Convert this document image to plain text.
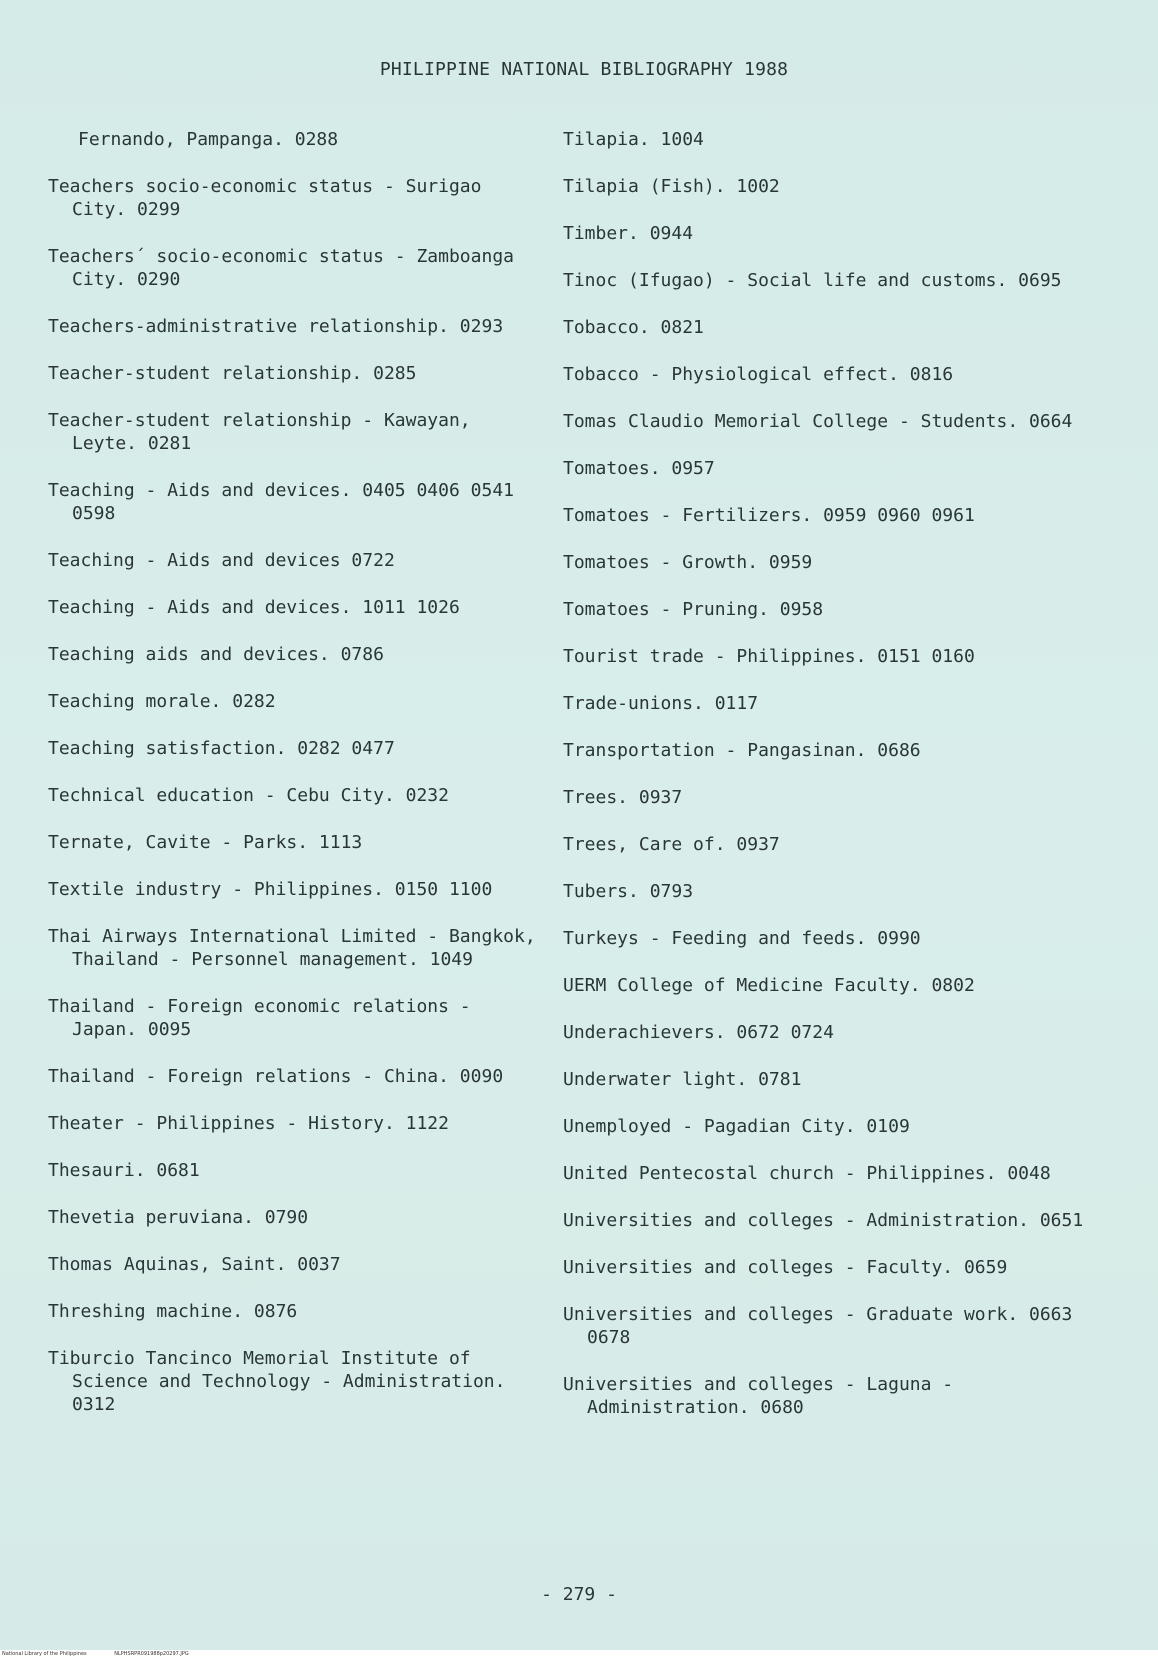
PHILIPPINE NATIONAL BIBLIOGRAPHY 1988
Fernando, Pampanga. 0288
Teachers socio-economic status - Surigao City. 0299
Teachers´ socio-economic status - Zamboanga City. 0290
Teachers-administrative relationship. 0293
Teacher-student relationship. 0285
Teacher-student relationship - Kawayan, Leyte. 0281
Teaching - Aids and devices. 0405 0406 0541 0598
Teaching - Aids and devices 0722
Teaching - Aids and devices. 1011 1026
Teaching aids and devices. 0786
Teaching morale. 0282
Teaching satisfaction. 0282 0477
Technical education - Cebu City. 0232
Ternate, Cavite - Parks. 1113
Textile industry - Philippines. 0150 1100
Thai Airways International Limited - Bangkok, Thailand - Personnel management. 1049
Thailand - Foreign economic relations - Japan. 0095
Thailand - Foreign relations - China. 0090
Theater - Philippines - History. 1122
Thesauri. 0681
Thevetia peruviana. 0790
Thomas Aquinas, Saint. 0037
Threshing machine. 0876
Tiburcio Tancinco Memorial Institute of Science and Technology - Administration. 0312
Tilapia. 1004
Tilapia (Fish). 1002
Timber. 0944
Tinoc (Ifugao) - Social life and customs. 0695
Tobacco. 0821
Tobacco - Physiological effect. 0816
Tomas Claudio Memorial College - Students. 0664
Tomatoes. 0957
Tomatoes - Fertilizers. 0959 0960 0961
Tomatoes - Growth. 0959
Tomatoes - Pruning. 0958
Tourist trade - Philippines. 0151 0160
Trade-unions. 0117
Transportation - Pangasinan. 0686
Trees. 0937
Trees, Care of. 0937
Tubers. 0793
Turkeys - Feeding and feeds. 0990
UERM College of Medicine Faculty. 0802
Underachievers. 0672 0724
Underwater light. 0781
Unemployed - Pagadian City. 0109
United Pentecostal church - Philippines. 0048
Universities and colleges - Administration. 0651
Universities and colleges - Faculty. 0659
Universities and colleges - Graduate work. 0663 0678
Universities and colleges - Laguna - Administration. 0680
- 279 -
National Library of the Philippines	NLPHSRPR091988p20297.JPG
